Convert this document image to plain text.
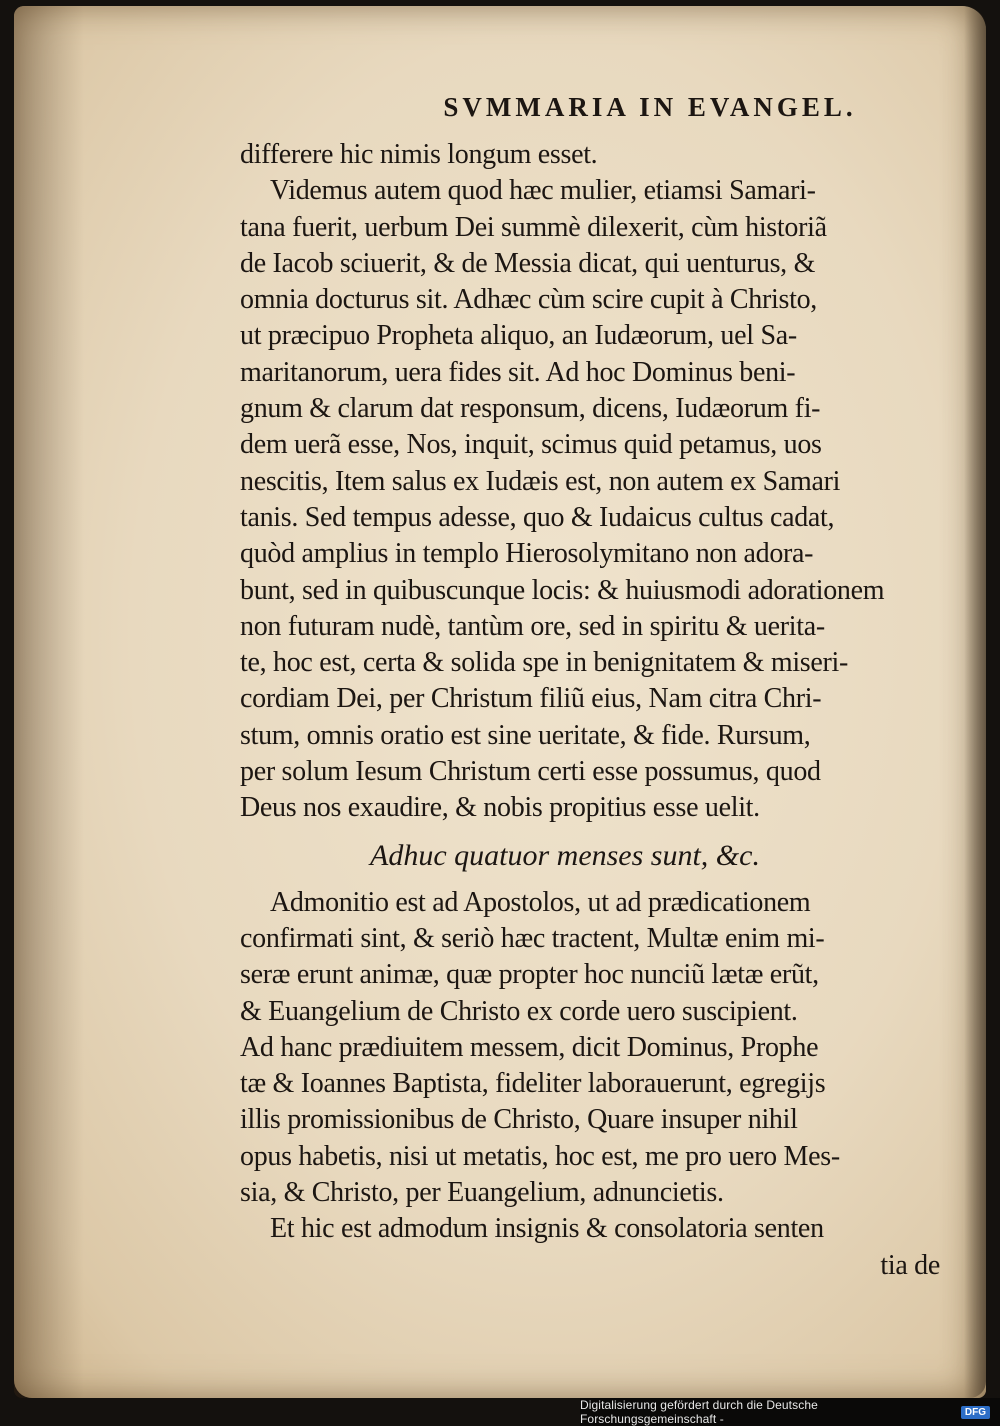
SVMMARIA IN EVANGEL.
differere hic nimis longum esset.
Videmus autem quod hæc mulier, etiamsi Samari-
tana fuerit, uerbum Dei summè dilexerit, cùm historiã
de Iacob sciuerit, & de Messia dicat, qui uenturus, &
omnia docturus sit. Adhæc cùm scire cupit à Christo,
ut præcipuo Propheta aliquo, an Iudæorum, uel Sa-
maritanorum, uera fides sit. Ad hoc Dominus beni-
gnum & clarum dat responsum, dicens, Iudæorum fi-
dem uerã esse, Nos, inquit, scimus quid petamus, uos
nescitis, Item salus ex Iudæis est, non autem ex Samari
tanis. Sed tempus adesse, quo & Iudaicus cultus cadat,
quòd amplius in templo Hierosolymitano non adora-
bunt, sed in quibuscunque locis: & huiusmodi adorationem
non futuram nudè, tantùm ore, sed in spiritu & ueritа-
te, hoc est, certa & solida spe in benignitatem & miseri-
cordiam Dei, per Christum filiũ eius, Nam citra Chri-
stum, omnis oratio est sine ueritate, & fide. Rursum,
per solum Iesum Christum certi esse possumus, quod
Deus nos exaudire, & nobis propitius esse uelit.
Adhuc quatuor menses sunt, &c.
Admonitio est ad Apostolos, ut ad prædicationem
confirmati sint, & seriò hæc tractent, Multæ enim mi-
seræ erunt animæ, quæ propter hoc nunciũ lætæ erũt,
& Euangelium de Christo ex corde uero suscipient.
Ad hanc prædiuitem messem, dicit Dominus, Prophe
tæ & Ioannes Baptista, fideliter laborauerunt, egregijs
illis promissionibus de Christo, Quare insuper nihil
opus habetis, nisi ut metatis, hoc est, me pro uero Mes-
sia, & Christo, per Euangelium, adnuncietis.
Et hic est admodum insignis & consolatoria senten
tia de
Digitalisierung gefördert durch die Deutsche Forschungsgemeinschaft -	DFG
